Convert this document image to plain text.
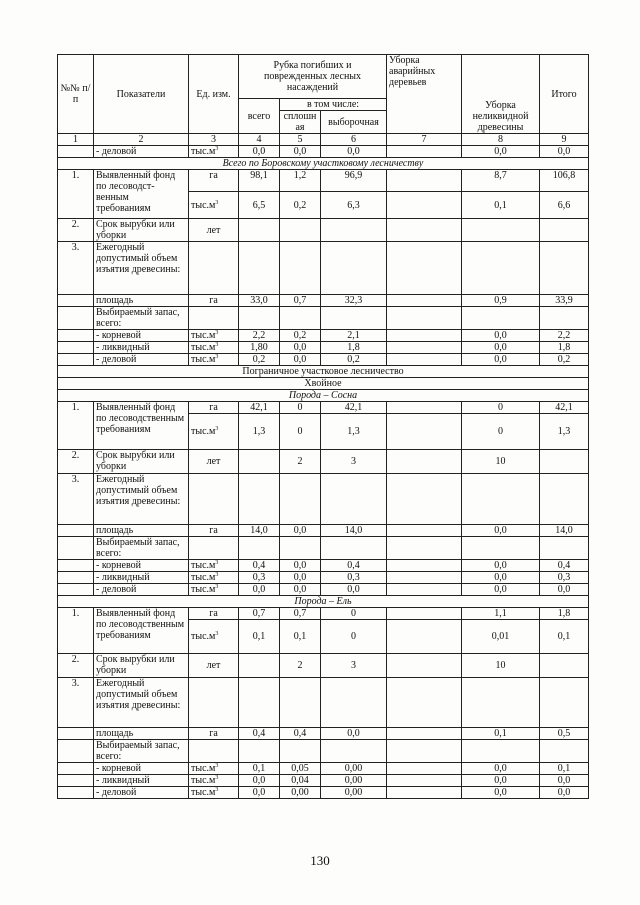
№№ п/п	Показатели	Ед. изм.	Рубка погибших и поврежденных лесных насаждений			Уборка аварийных деревьев	Уборка неликвидной древесины	Итого
			всего	в том числе:				
				сплошн ая	выборочная			
1	2	3	4	5	6	7	8	9
	- деловой	$тыс.м^3$	0,0	0,0	0,0		0,0	0,0
Всего по Боровскому участковому лесничеству								
1.	Выявленный фонд по лесоводст-венным требованиям	га	98,1	1,2	96,9		8,7	106,8
		$тыс.м^3$	6,5	0,2	6,3		0,1	6,6
2.	Срок вырубки или уборки	лет						
3.	Ежегодный допустимый объем изъятия древесины:							
	площадь	га	33,0	0,7	32,3		0,9	33,9
	Выбираемый запас, всего:							
	- корневой	$тыс.м^3$	2,2	0,2	2,1		0,0	2,2
	- ликвидный	$тыс.м^3$	1,80	0,0	1,8		0,0	1,8
	- деловой	$тыс.м^3$	0,2	0,0	0,2		0,0	0,2
Пограничное участковое лесничество								
Хвойное								
Порода – Сосна								
1.	Выявленный фонд по лесоводственным требованиям	га	42,1	0	42,1		0	42,1
		$тыс.м^3$	1,3	0	1,3		0	1,3
2.	Срок вырубки или уборки	лет		2	3		10	
3.	Ежегодный допустимый объем изъятия древесины:							
	площадь	га	14,0	0,0	14,0		0,0	14,0
	Выбираемый запас, всего:							
	- корневой	$тыс.м^3$	0,4	0,0	0,4		0,0	0,4
	- ликвидный	$тыс.м^3$	0,3	0,0	0,3		0,0	0,3
	- деловой	$тыс.м^3$	0,0	0,0	0,0		0,0	0,0
Порода – Ель								
1.	Выявленный фонд по лесоводственным требованиям	га	0,7	0,7	0		1,1	1,8
		$тыс.м^3$	0,1	0,1	0		0,01	0,1
2.	Срок вырубки или уборки	лет		2	3		10	
3.	Ежегодный допустимый объем изъятия древесины:							
	площадь	га	0,4	0,4	0,0		0,1	0,5
	Выбираемый запас, всего:							
	- корневой	$тыс.м^3$	0,1	0,05	0,00		0,0	0,1
	- ликвидный	$тыс.м^3$	0,0	0,04	0,00		0,0	0,0
	- деловой	$тыс.м^3$	0,0	0,00	0,00		0,0	0,0
130
